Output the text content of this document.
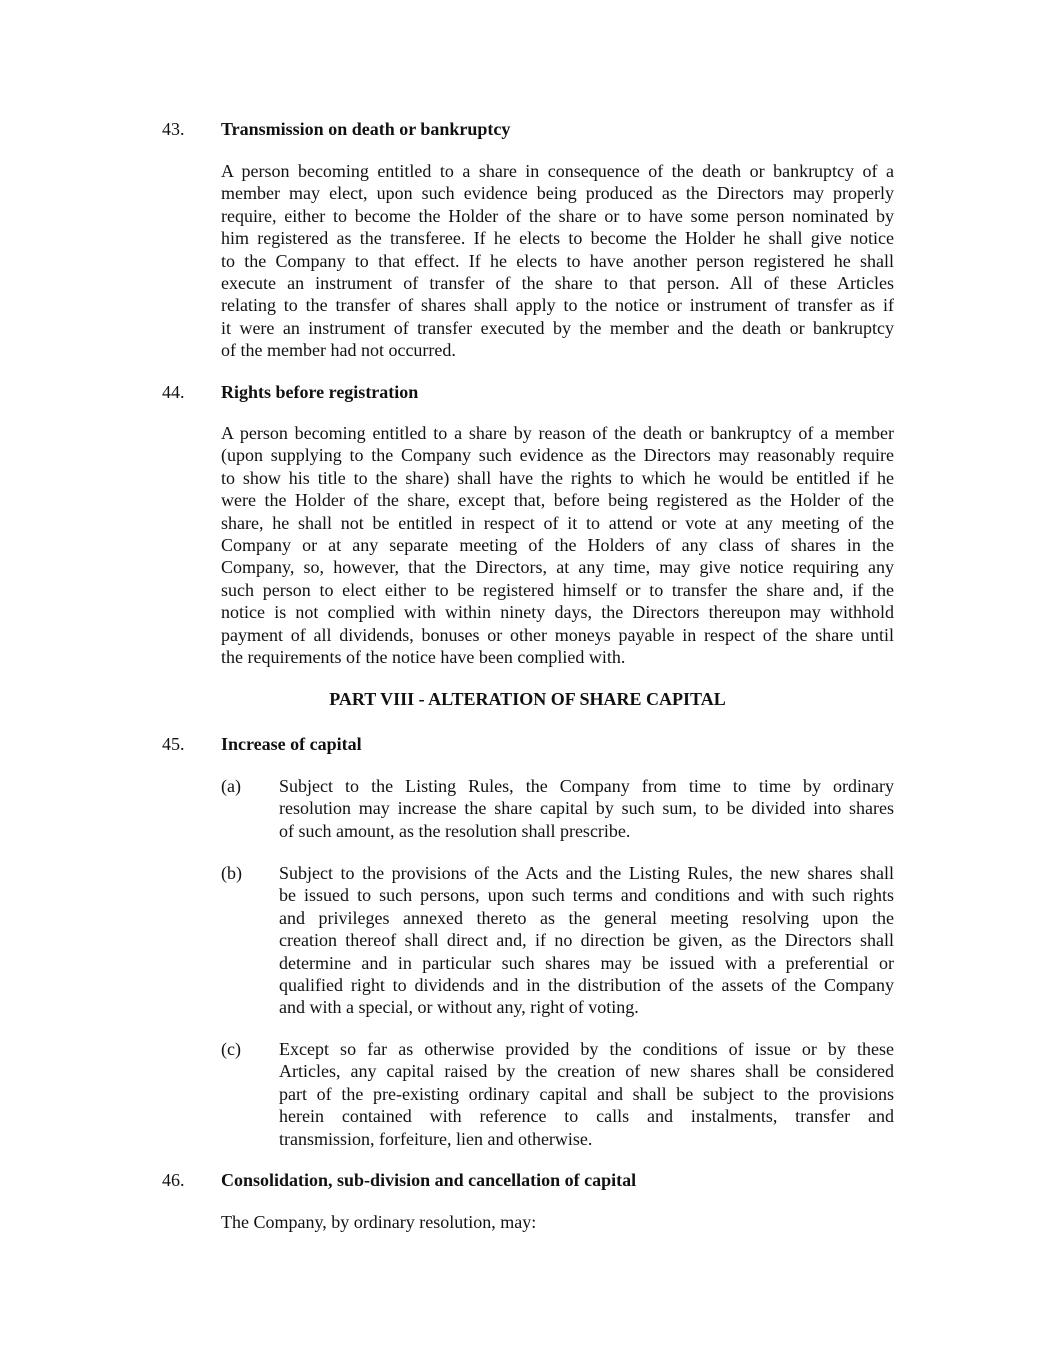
43. Transmission on death or bankruptcy
A person becoming entitled to a share in consequence of the death or bankruptcy of a
member may elect, upon such evidence being produced as the Directors may properly
require, either to become the Holder of the share or to have some person nominated by
him registered as the transferee. If he elects to become the Holder he shall give notice
to the Company to that effect. If he elects to have another person registered he shall
execute an instrument of transfer of the share to that person. All of these Articles
relating to the transfer of shares shall apply to the notice or instrument of transfer as if
it were an instrument of transfer executed by the member and the death or bankruptcy
of the member had not occurred.
44. Rights before registration
A person becoming entitled to a share by reason of the death or bankruptcy of a member
(upon supplying to the Company such evidence as the Directors may reasonably require
to show his title to the share) shall have the rights to which he would be entitled if he
were the Holder of the share, except that, before being registered as the Holder of the
share, he shall not be entitled in respect of it to attend or vote at any meeting of the
Company or at any separate meeting of the Holders of any class of shares in the
Company, so, however, that the Directors, at any time, may give notice requiring any
such person to elect either to be registered himself or to transfer the share and, if the
notice is not complied with within ninety days, the Directors thereupon may withhold
payment of all dividends, bonuses or other moneys payable in respect of the share until
the requirements of the notice have been complied with.
PART VIII - ALTERATION OF SHARE CAPITAL
45. Increase of capital
(a) Subject to the Listing Rules, the Company from time to time by ordinary
resolution may increase the share capital by such sum, to be divided into shares
of such amount, as the resolution shall prescribe.
(b) Subject to the provisions of the Acts and the Listing Rules, the new shares shall
be issued to such persons, upon such terms and conditions and with such rights
and privileges annexed thereto as the general meeting resolving upon the
creation thereof shall direct and, if no direction be given, as the Directors shall
determine and in particular such shares may be issued with a preferential or
qualified right to dividends and in the distribution of the assets of the Company
and with a special, or without any, right of voting.
(c) Except so far as otherwise provided by the conditions of issue or by these
Articles, any capital raised by the creation of new shares shall be considered
part of the pre-existing ordinary capital and shall be subject to the provisions
herein contained with reference to calls and instalments, transfer and
transmission, forfeiture, lien and otherwise.
46. Consolidation, sub-division and cancellation of capital
The Company, by ordinary resolution, may:
